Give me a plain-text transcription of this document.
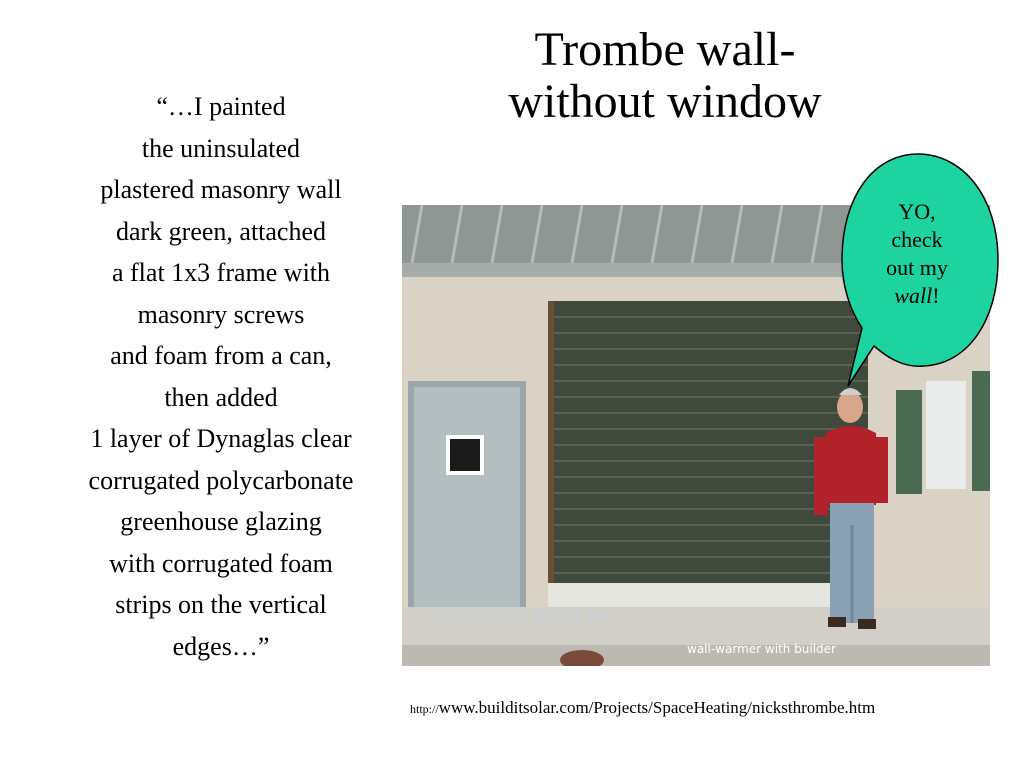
Trombe wall-
without window
“…I painted
the uninsulated
plastered masonry wall
dark green, attached
a flat 1x3 frame with
masonry screws
and foam from a can,
then added
1 layer of Dynaglas clear
corrugated polycarbonate
greenhouse glazing
with corrugated foam
strips on the vertical
edges…”
05/10/2005 02:19 pm
wall-warmer with builder
YO,
check
out my
wall!
http://www.builditsolar.com/Projects/SpaceHeating/nicksthrombe.htm
